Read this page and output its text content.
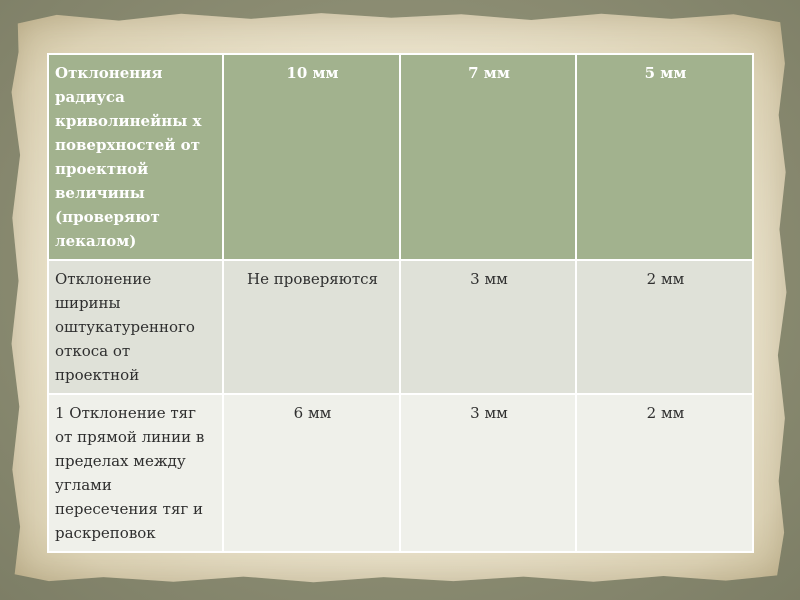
Отклонения радиуса криволинейны х поверхностей от проектной величины (проверяют лекалом)	10 мм	7 мм	5 мм
Отклонение ширины оштукатуренного откоса от проектной	Не проверяются	3 мм	2 мм
1 Отклонение тяг от прямой линии в пределах между углами пересечения тяг и раскреповок	6 мм	3 мм	2 мм
